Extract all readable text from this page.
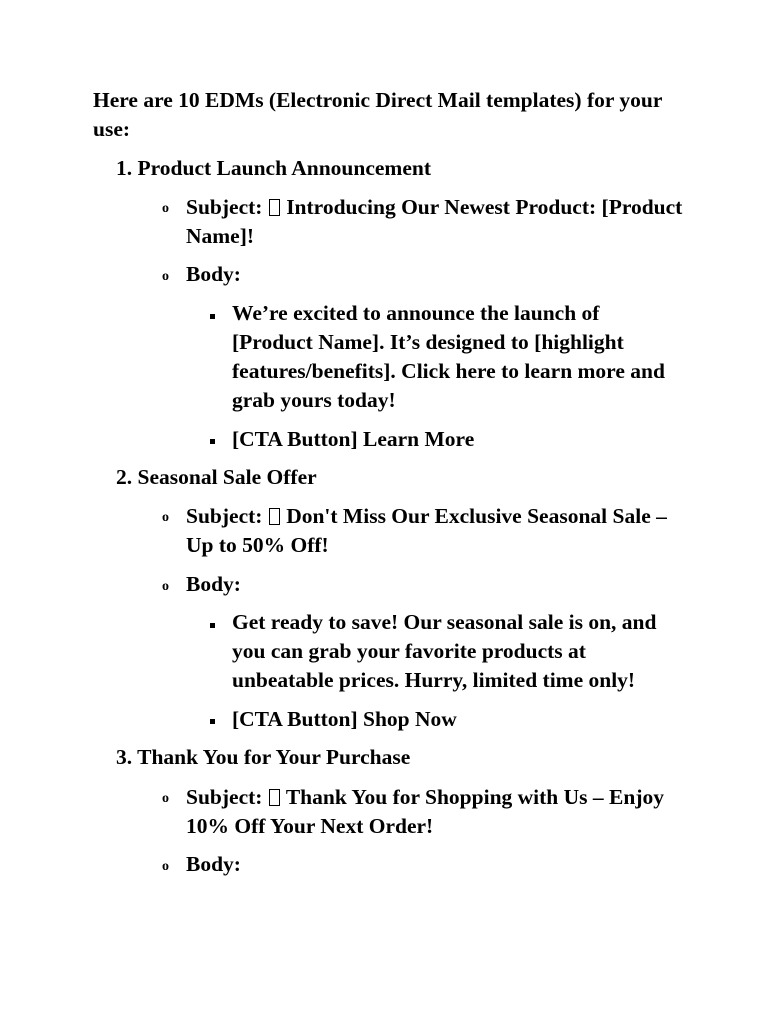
Here are 10 EDMs (Electronic Direct Mail templates) for your use:

1. Product Launch Announcement

o Subject: Introducing Our Newest Product: [Product Name]!

o Body:

We’re excited to announce the launch of [Product Name]. It’s designed to [highlight features/benefits]. Click here to learn more and grab yours today!

[CTA Button] Learn More

2. Seasonal Sale Offer

o Subject: Don't Miss Our Exclusive Seasonal Sale – Up to 50% Off!

o Body:

Get ready to save! Our seasonal sale is on, and you can grab your favorite products at unbeatable prices. Hurry, limited time only!

[CTA Button] Shop Now

3. Thank You for Your Purchase

o Subject: Thank You for Shopping with Us – Enjoy 10% Off Your Next Order!

o Body:
